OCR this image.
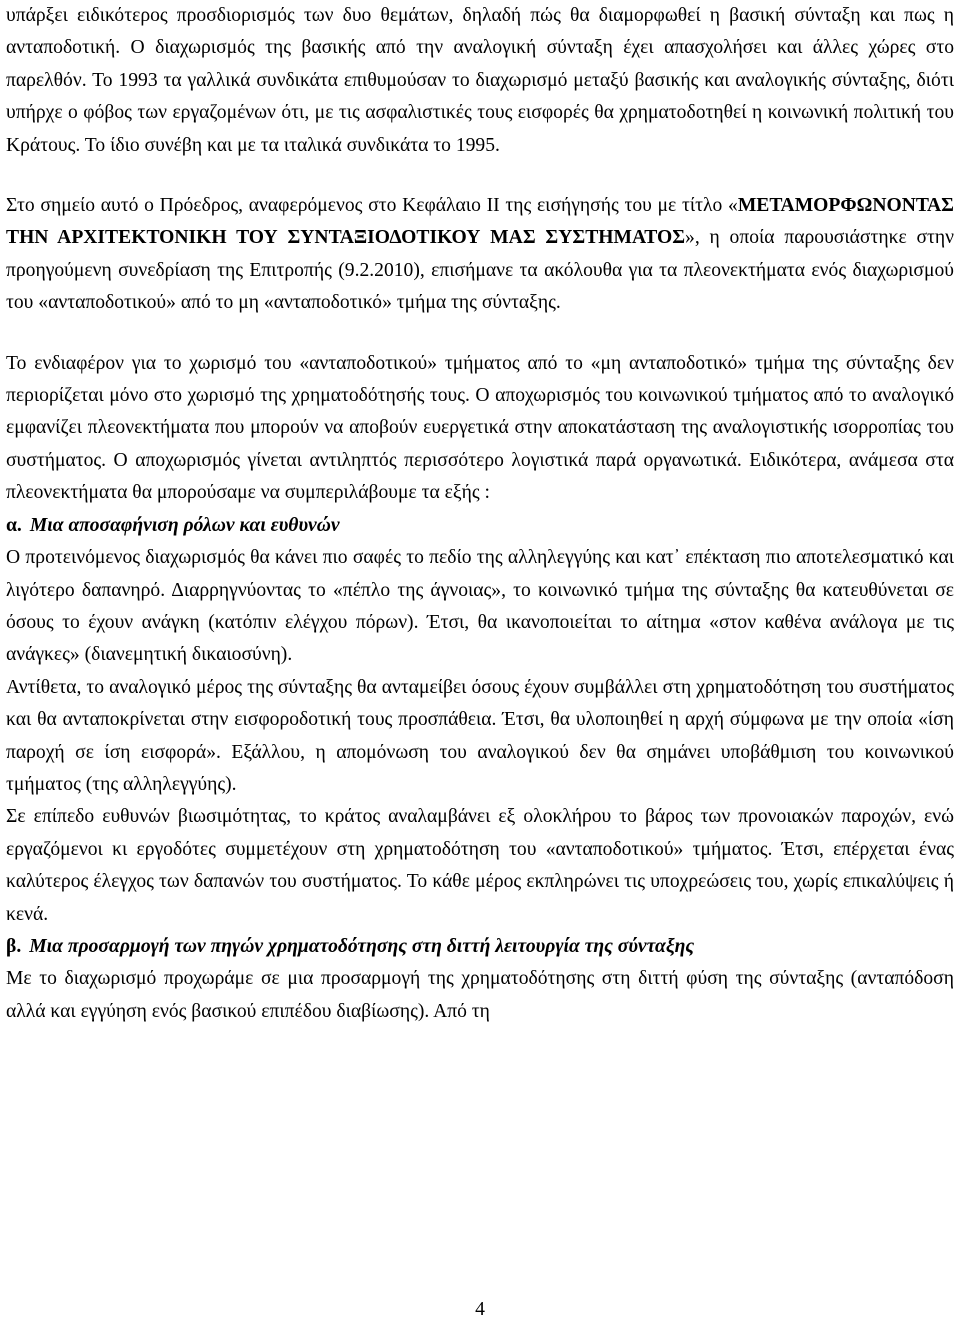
υπάρξει ειδικότερος προσδιορισμός των δυο θεμάτων, δηλαδή πώς θα διαμορφωθεί η βασική σύνταξη και πως η ανταποδοτική. Ο διαχωρισμός της βασικής από την αναλογική σύνταξη έχει απασχολήσει και άλλες χώρες στο παρελθόν. Το 1993 τα γαλλικά συνδικάτα επιθυμούσαν το διαχωρισμό μεταξύ βασικής και αναλογικής σύνταξης, διότι υπήρχε ο φόβος των εργαζομένων ότι, με τις ασφαλιστικές τους εισφορές θα χρηματοδοτηθεί η κοινωνική πολιτική του Κράτους. Το ίδιο συνέβη και με τα ιταλικά συνδικάτα το 1995.

Στο σημείο αυτό ο Πρόεδρος, αναφερόμενος στο Κεφάλαιο ΙΙ της εισήγησής του με τίτλο «ΜΕΤΑΜΟΡΦΩΝΟΝΤΑΣ ΤΗΝ ΑΡΧΙΤΕΚΤΟΝΙΚΗ ΤΟΥ ΣΥΝΤΑΞΙΟΔΟΤΙΚΟΥ ΜΑΣ ΣΥΣΤΗΜΑΤΟΣ», η οποία παρουσιάστηκε στην προηγούμενη συνεδρίαση της Επιτροπής (9.2.2010), επισήμανε τα ακόλουθα για τα πλεονεκτήματα ενός διαχωρισμού του «ανταποδοτικού» από το μη «ανταποδοτικό» τμήμα της σύνταξης.

Το ενδιαφέρον για το χωρισμό του «ανταποδοτικού» τμήματος από το «μη ανταποδοτικό» τμήμα της σύνταξης δεν περιορίζεται μόνο στο χωρισμό της χρηματοδότησής τους. Ο αποχωρισμός του κοινωνικού τμήματος από το αναλογικό εμφανίζει πλεονεκτήματα που μπορούν να αποβούν ευεργετικά στην αποκατάσταση της αναλογιστικής ισορροπίας του συστήματος. Ο αποχωρισμός γίνεται αντιληπτός περισσότερο λογιστικά παρά οργανωτικά. Ειδικότερα, ανάμεσα στα πλεονεκτήματα θα μπορούσαμε να συμπεριλάβουμε τα εξής :

α. Μια αποσαφήνιση ρόλων και ευθυνών

Ο προτεινόμενος διαχωρισμός θα κάνει πιο σαφές το πεδίο της αλληλεγγύης και κατ᾽ επέκταση πιο αποτελεσματικό και λιγότερο δαπανηρό. Διαρρηγνύοντας το «πέπλο της άγνοιας», το κοινωνικό τμήμα της σύνταξης θα κατευθύνεται σε όσους το έχουν ανάγκη (κατόπιν ελέγχου πόρων). Έτσι, θα ικανοποιείται το αίτημα «στον καθένα ανάλογα με τις ανάγκες» (διανεμητική δικαιοσύνη).

Αντίθετα, το αναλογικό μέρος της σύνταξης θα ανταμείβει όσους έχουν συμβάλλει στη χρηματοδότηση του συστήματος και θα ανταποκρίνεται στην εισφοροδοτική τους προσπάθεια. Έτσι, θα υλοποιηθεί η αρχή σύμφωνα με την οποία «ίση παροχή σε ίση εισφορά». Εξάλλου, η απομόνωση του αναλογικού δεν θα σημάνει υποβάθμιση του κοινωνικού τμήματος (της αλληλεγγύης).

Σε επίπεδο ευθυνών βιωσιμότητας, το κράτος αναλαμβάνει εξ ολοκλήρου το βάρος των προνοιακών παροχών, ενώ εργαζόμενοι κι εργοδότες συμμετέχουν στη χρηματοδότηση του «ανταποδοτικού» τμήματος. Έτσι, επέρχεται ένας καλύτερος έλεγχος των δαπανών του συστήματος. Το κάθε μέρος εκπληρώνει τις υποχρεώσεις του, χωρίς επικαλύψεις ή κενά.

β. Μια προσαρμογή των πηγών χρηματοδότησης στη διττή λειτουργία της σύνταξης

Με το διαχωρισμό προχωράμε σε μια προσαρμογή της χρηματοδότησης στη διττή φύση της σύνταξης (ανταπόδοση αλλά και εγγύηση ενός βασικού επιπέδου διαβίωσης). Από τη

4
